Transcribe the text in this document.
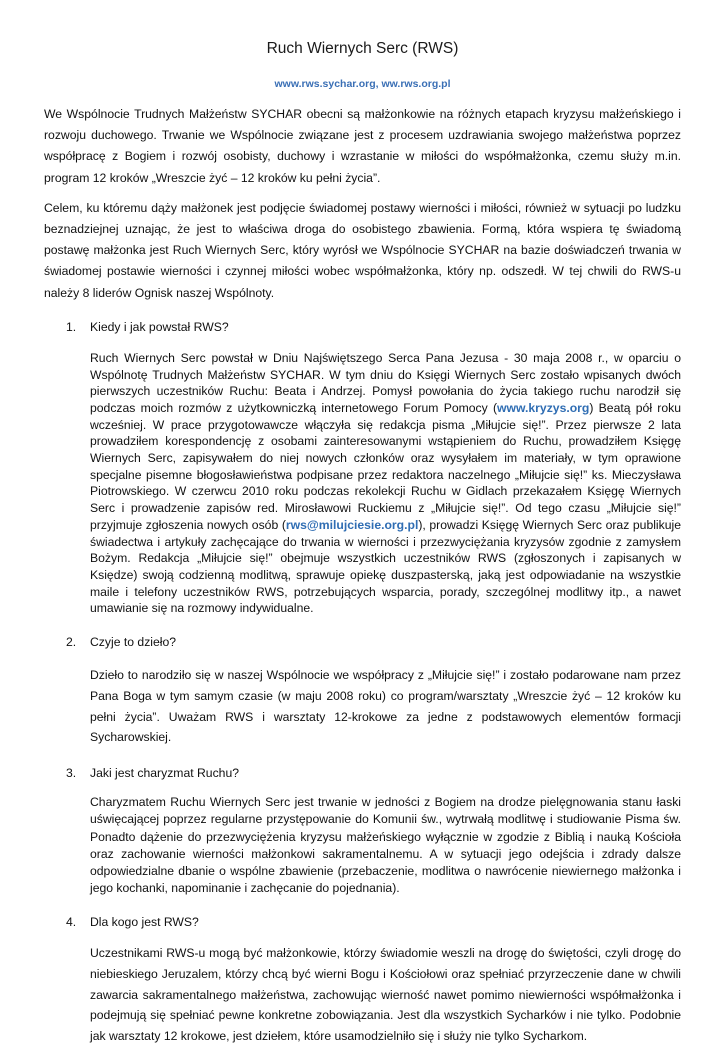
Ruch Wiernych Serc (RWS)
www.rws.sychar.org, ww.rws.org.pl

We Wspólnocie Trudnych Małżeństw SYCHAR obecni są małżonkowie na różnych etapach kryzysu małżeńskiego i rozwoju duchowego. Trwanie we Wspólnocie związane jest z procesem uzdrawiania swojego małżeństwa poprzez współpracę z Bogiem i rozwój osobisty, duchowy i wzrastanie w miłości do współmałżonka, czemu służy m.in. program 12 kroków „Wreszcie żyć – 12 kroków ku pełni życia”.

Celem, ku któremu dąży małżonek jest podjęcie świadomej postawy wierności i miłości, również w sytuacji po ludzku beznadziejnej uznając, że jest to właściwa droga do osobistego zbawienia. Formą, która wspiera tę świadomą postawę małżonka jest Ruch Wiernych Serc, który wyrósł we Wspólnocie SYCHAR na bazie doświadczeń trwania w świadomej postawie wierności i czynnej miłości wobec współmałżonka, który np. odszedł. W tej chwili do RWS-u należy 8 liderów Ognisk naszej Wspólnoty.

1.	Kiedy i jak powstał RWS?

Ruch Wiernych Serc powstał w Dniu Najświętszego Serca Pana Jezusa - 30 maja 2008 r., w oparciu o Wspólnotę Trudnych Małżeństw SYCHAR. W tym dniu do Księgi Wiernych Serc zostało wpisanych dwóch pierwszych uczestników Ruchu: Beata i Andrzej. Pomysł powołania do życia takiego ruchu narodził się podczas moich rozmów z użytkowniczką internetowego Forum Pomocy (www.kryzys.org) Beatą pół roku wcześniej. W prace przygotowawcze włączyła się redakcja pisma „Miłujcie się!”. Przez pierwsze 2 lata prowadziłem korespondencję z osobami zainteresowanymi wstąpieniem do Ruchu, prowadziłem Księgę Wiernych Serc, zapisywałem do niej nowych członków oraz wysyłałem im materiały, w tym oprawione specjalne pisemne błogosławieństwa podpisane przez redaktora naczelnego „Miłujcie się!” ks. Mieczysława Piotrowskiego. W czerwcu 2010 roku podczas rekolekcji Ruchu w Gidlach przekazałem Księgę Wiernych Serc i prowadzenie zapisów red. Mirosławowi Ruckiemu z „Miłujcie się!”. Od tego czasu „Miłujcie się!” przyjmuje zgłoszenia nowych osób (rws@milujciesie.org.pl), prowadzi Księgę Wiernych Serc oraz publikuje świadectwa i artykuły zachęcające do trwania w wierności i przezwyciężania kryzysów zgodnie z zamysłem Bożym. Redakcja „Miłujcie się!” obejmuje wszystkich uczestników RWS (zgłoszonych i zapisanych w Księdze) swoją codzienną modlitwą, sprawuje opiekę duszpasterską, jaką jest odpowiadanie na wszystkie maile i telefony uczestników RWS, potrzebujących wsparcia, porady, szczególnej modlitwy itp., a nawet umawianie się na rozmowy indywidualne.

2.	Czyje to dzieło?

Dzieło to narodziło się w naszej Wspólnocie we współpracy z „Miłujcie się!” i zostało podarowane nam przez Pana Boga w tym samym czasie (w maju 2008 roku) co program/warsztaty „Wreszcie żyć – 12 kroków ku pełni życia”. Uważam RWS i warsztaty 12-krokowe za jedne z podstawowych elementów formacji Sycharowskiej.

3.	Jaki jest charyzmat Ruchu?

Charyzmatem Ruchu Wiernych Serc jest trwanie w jedności z Bogiem na drodze pielęgnowania stanu łaski uświęcającej poprzez regularne przystępowanie do Komunii św., wytrwałą modlitwę i studiowanie Pisma św. Ponadto dążenie do przezwyciężenia kryzysu małżeńskiego wyłącznie w zgodzie z Biblią i nauką Kościoła oraz zachowanie wierności małżonkowi sakramentalnemu. A w sytuacji jego odejścia i zdrady dalsze odpowiedzialne dbanie o wspólne zbawienie (przebaczenie, modlitwa o nawrócenie niewiernego małżonka i jego kochanki, napominanie i zachęcanie do pojednania).

4.	Dla kogo jest RWS?

Uczestnikami RWS-u mogą być małżonkowie, którzy świadomie weszli na drogę do świętości, czyli drogę do niebieskiego Jeruzalem, którzy chcą być wierni Bogu i Kościołowi oraz spełniać przyrzeczenie dane w chwili zawarcia sakramentalnego małżeństwa, zachowując wierność nawet pomimo niewierności współmałżonka i podejmują się spełniać pewne konkretne zobowiązania. Jest dla wszystkich Sycharków i nie tylko. Podobnie jak warsztaty 12 krokowe, jest dziełem, które usamodzielniło się i służy nie tylko Sycharkom.
